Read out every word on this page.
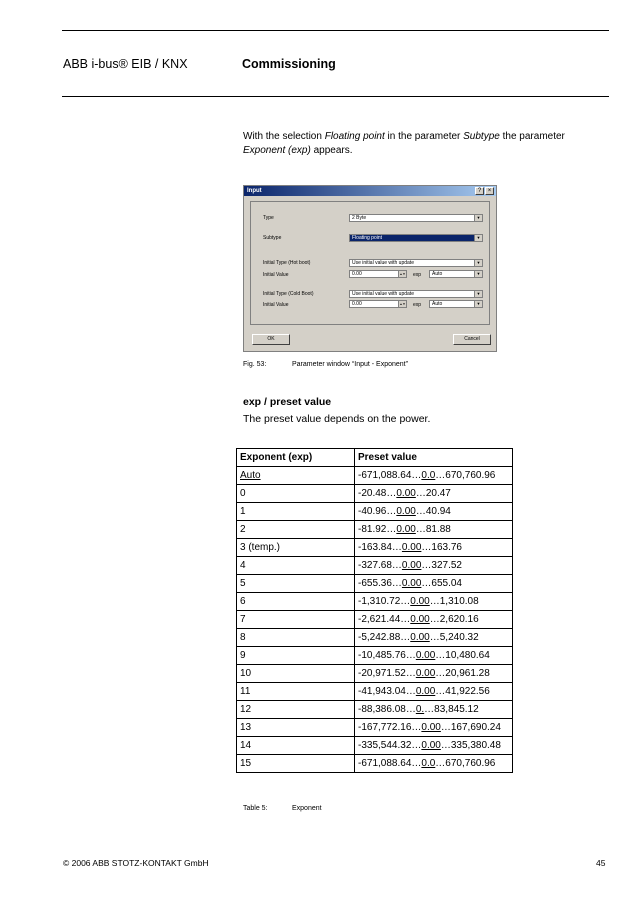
ABB i-bus® EIB / KNX	Commissioning
With the selection Floating point in the parameter Subtype the parameter
Exponent (exp) appears.
Input	?	×
Type	2 Byte	▼
Subtype	Floating point	▼
Initial Type (Hot boot)	Use initial value with update	▼
Initial Value	0.00	▲▼ exp	Auto	▼
Initial Type (Cold Boot)	Use initial value with update	▼
Initial Value	0.00	▲▼ exp	Auto	▼
OK	Cancel
Fig. 53:	Parameter window “Input - Exponent”
exp / preset value
The preset value depends on the power.
Exponent (exp)	Preset value
Auto	-671,088.64…0.0…670,760.96
0	-20.48…0.00…20.47
1	-40.96…0.00…40.94
2	-81.92…0.00…81.88
3 (temp.)	-163.84…0.00…163.76
4	-327.68…0.00…327.52
5	-655.36…0.00…655.04
6	-1,310.72…0.00…1,310.08
7	-2,621.44…0.00…2,620.16
8	-5,242.88…0.00…5,240.32
9	-10,485.76…0.00…10,480.64
10	-20,971.52…0.00…20,961.28
11	-41,943.04…0.00…41,922.56
12	-88,386.08…0.…83,845.12
13	-167,772.16…0.00…167,690.24
14	-335,544.32…0.00…335,380.48
15	-671,088.64…0.0…670,760.96
Table 5:	Exponent
© 2006 ABB STOTZ-KONTAKT GmbH	45
